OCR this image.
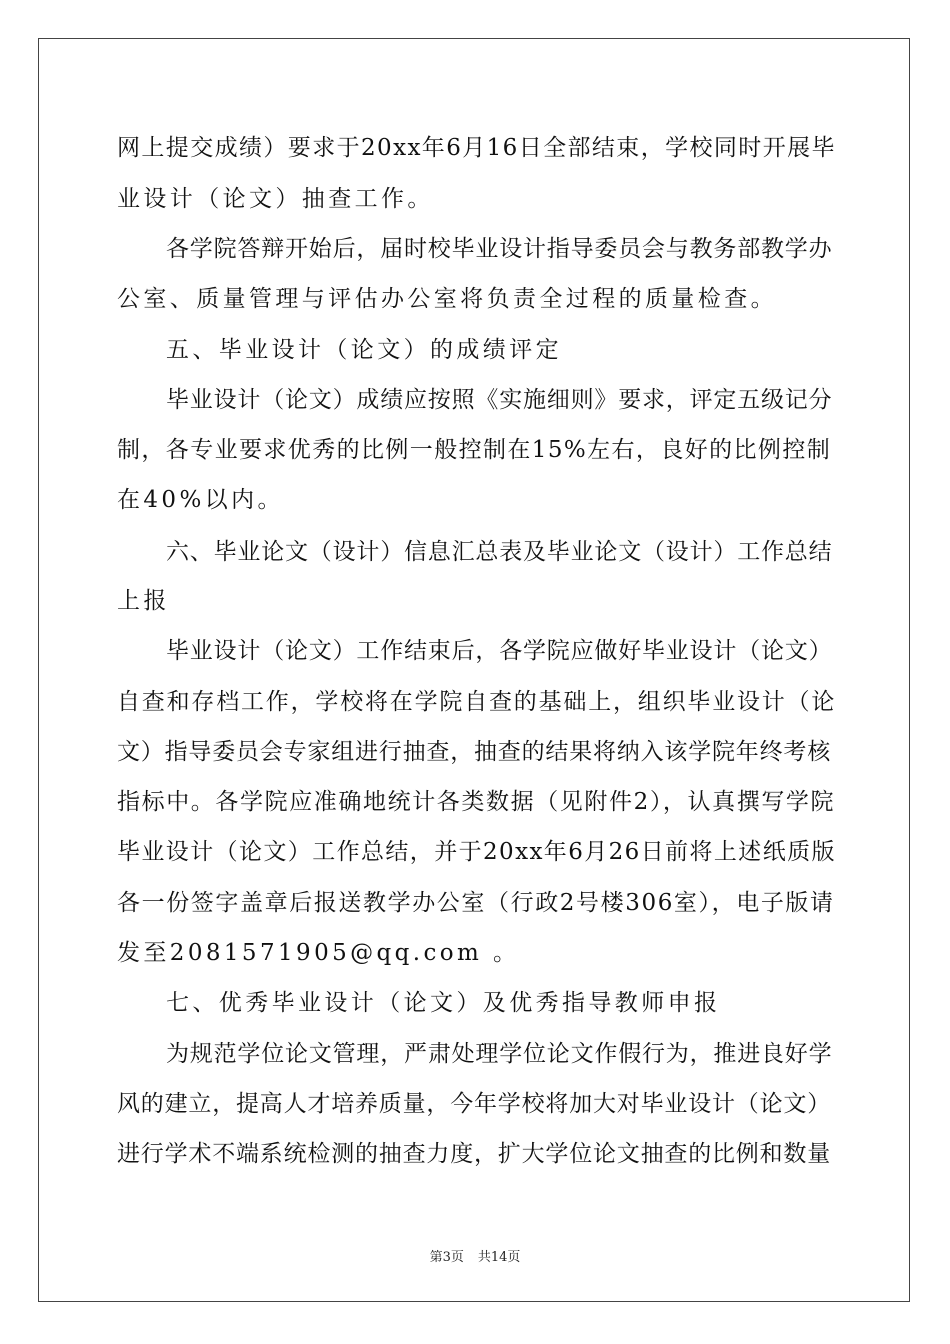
网上提交成绩）要求于20xx年6月16日全部结束，学校同时开展毕
业设计（论文）抽查工作。
各学院答辩开始后，届时校毕业设计指导委员会与教务部教学办
公室、质量管理与评估办公室将负责全过程的质量检查。
五、毕业设计（论文）的成绩评定
毕业设计（论文）成绩应按照《实施细则》要求，评定五级记分
制，各专业要求优秀的比例一般控制在15%左右，良好的比例控制
在40%以内。
六、毕业论文（设计）信息汇总表及毕业论文（设计）工作总结
上报
毕业设计（论文）工作结束后，各学院应做好毕业设计（论文）
自查和存档工作，学校将在学院自查的基础上，组织毕业设计（论
文）指导委员会专家组进行抽查，抽查的结果将纳入该学院年终考核
指标中。各学院应准确地统计各类数据（见附件2），认真撰写学院
毕业设计（论文）工作总结，并于20xx年6月26日前将上述纸质版
各一份签字盖章后报送教学办公室（行政2号楼306室），电子版请
发至2081571905@qq.com 。
七、优秀毕业设计（论文）及优秀指导教师申报
为规范学位论文管理，严肃处理学位论文作假行为，推进良好学
风的建立，提高人才培养质量，今年学校将加大对毕业设计（论文）
进行学术不端系统检测的抽查力度，扩大学位论文抽查的比例和数量
第3页 共14页
